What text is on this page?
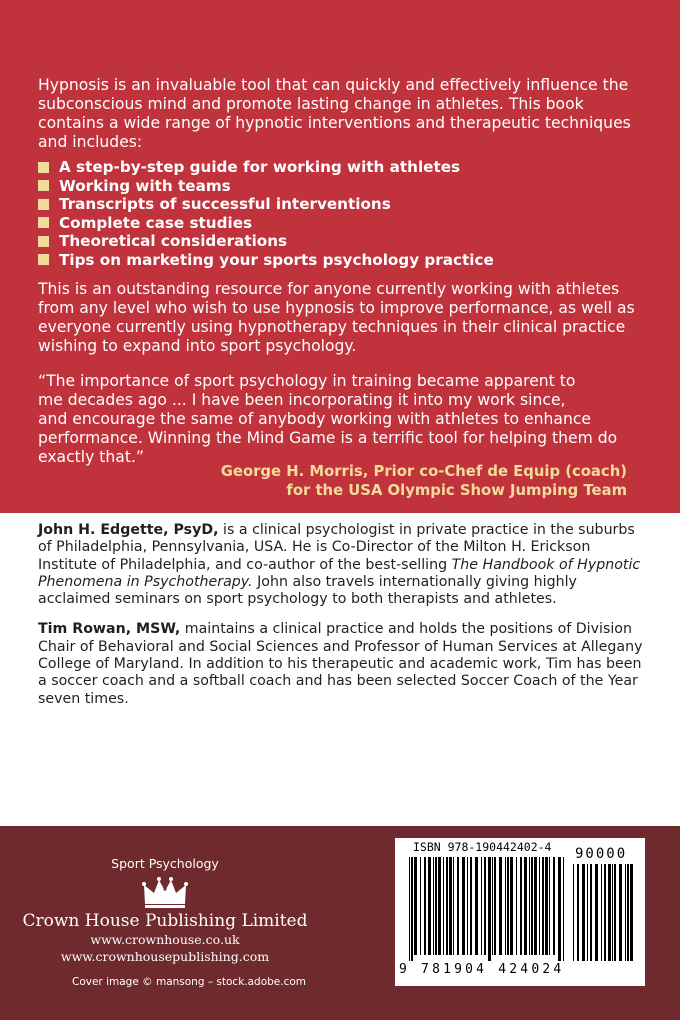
Hypnosis is an invaluable tool that can quickly and effectively influence the subconscious mind and promote lasting change in athletes. This book contains a wide range of hypnotic interventions and therapeutic techniques and includes:
A step-by-step guide for working with athletes
Working with teams
Transcripts of successful interventions
Complete case studies
Theoretical considerations
Tips on marketing your sports psychology practice
This is an outstanding resource for anyone currently working with athletes from any level who wish to use hypnosis to improve performance, as well as everyone currently using hypnotherapy techniques in their clinical practice wishing to expand into sport psychology.
“The importance of sport psychology in training became apparent to
me decades ago ... I have been incorporating it into my work since,
and encourage the same of anybody working with athletes to enhance
performance. Winning the Mind Game is a terrific tool for helping them do
exactly that.”
George H. Morris, Prior co-Chef de Equip (coach)
for the USA Olympic Show Jumping Team

John H. Edgette, PsyD, is a clinical psychologist in private practice in the suburbs of Philadelphia, Pennsylvania, USA. He is Co-Director of the Milton H. Erickson Institute of Philadelphia, and co-author of the best-selling The Handbook of Hypnotic Phenomena in Psychotherapy. John also travels internationally giving highly acclaimed seminars on sport psychology to both therapists and athletes.

Tim Rowan, MSW, maintains a clinical practice and holds the positions of Division Chair of Behavioral and Social Sciences and Professor of Human Services at Allegany College of Maryland. In addition to his therapeutic and academic work, Tim has been a soccer coach and a softball coach and has been selected Soccer Coach of the Year seven times.

Sport Psychology
Crown House Publishing Limited
www.crownhouse.co.uk
www.crownhousepublishing.com
Cover image © mansong – stock.adobe.com
ISBN 978-190442402-4 90000
9 781904 424024
